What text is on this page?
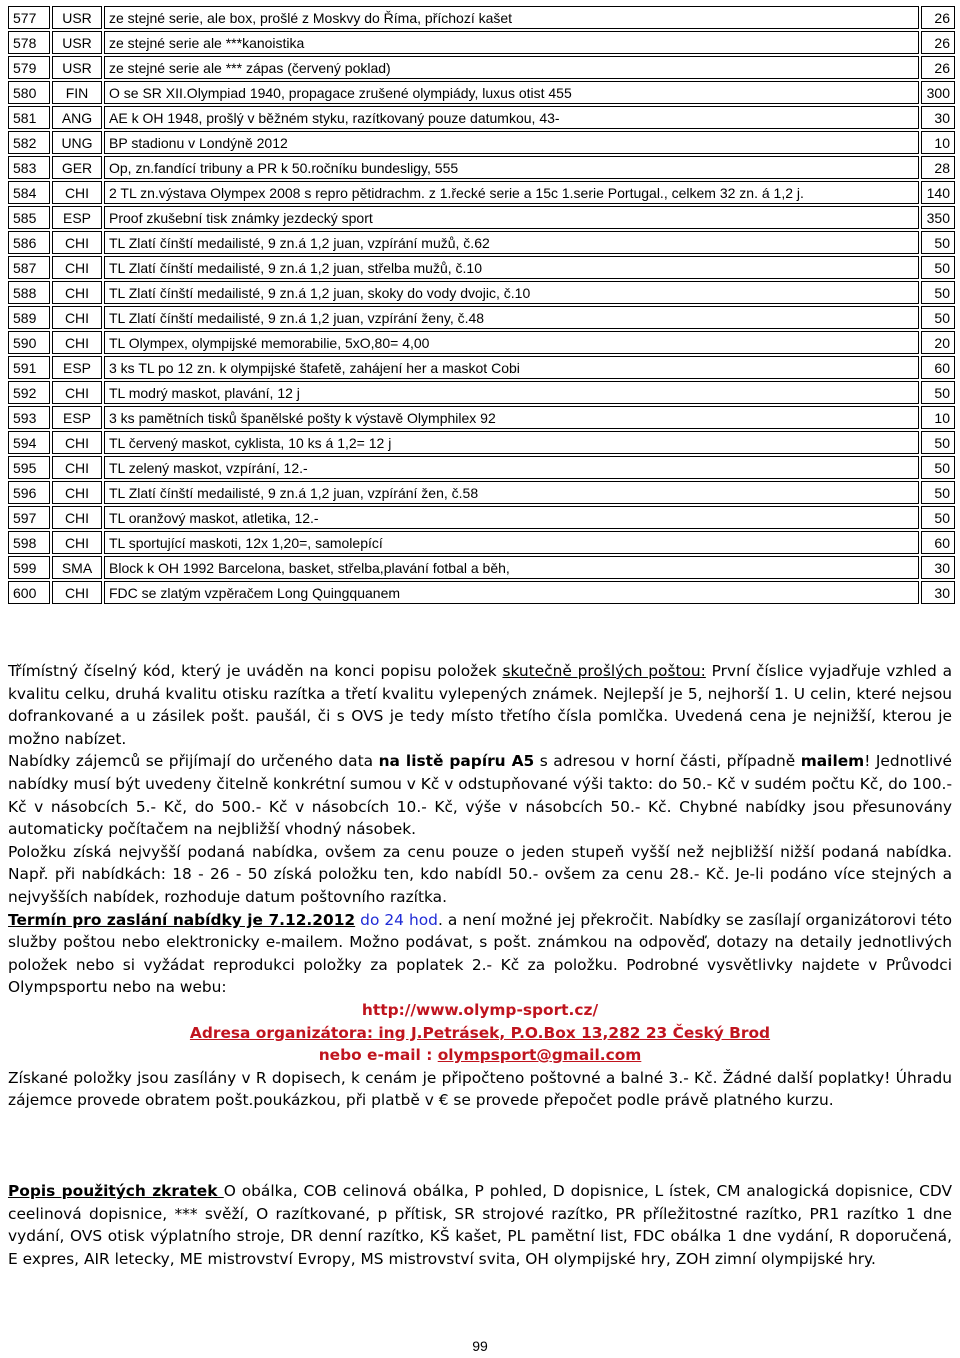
577	USR	ze stejné serie, ale box, prošlé z Moskvy do Říma, příchozí kašet	26
578	USR	ze stejné serie ale ***kanoistika	26
579	USR	ze stejné serie ale *** zápas (červený poklad)	26
580	FIN	O se SR XII.Olympiad 1940, propagace zrušené olympiády, luxus otist 455	300
581	ANG	AE k OH 1948, prošlý v běžném styku, razítkovaný pouze datumkou, 43-	30
582	UNG	BP stadionu v Londýně 2012	10
583	GER	Op, zn.fandící tribuny a PR k 50.ročníku bundesligy, 555	28
584	CHI	2 TL zn.výstava Olympex 2008 s repro pětidrachm. z 1.řecké serie a 15c 1.serie Portugal., celkem 32 zn. á 1,2 j.	140
585	ESP	Proof zkušební tisk známky jezdecký sport	350
586	CHI	TL Zlatí čínští medailisté, 9 zn.á 1,2 juan, vzpírání mužů, č.62	50
587	CHI	TL Zlatí čínští medailisté, 9 zn.á 1,2 juan, střelba mužů, č.10	50
588	CHI	TL Zlatí čínští medailisté, 9 zn.á 1,2 juan, skoky do vody dvojic, č.10	50
589	CHI	TL Zlatí čínští medailisté, 9 zn.á 1,2 juan, vzpírání ženy, č.48	50
590	CHI	TL Olympex, olympijské memorabilie, 5xO,80= 4,00	20
591	ESP	3 ks TL po 12 zn. k olympijské štafetě, zahájení her a maskot Cobi	60
592	CHI	TL modrý maskot, plavání, 12 j	50
593	ESP	3 ks pamětních tisků španělské pošty k výstavě Olymphilex 92	10
594	CHI	TL červený maskot, cyklista, 10 ks á 1,2= 12 j	50
595	CHI	TL zelený maskot, vzpírání, 12.-	50
596	CHI	TL Zlatí čínští medailisté, 9 zn.á 1,2 juan, vzpírání žen, č.58	50
597	CHI	TL oranžový maskot, atletika, 12.-	50
598	CHI	TL sportující maskoti, 12x 1,20=, samolepící	60
599	SMA	Block k OH 1992 Barcelona, basket, střelba,plavání fotbal a běh,	30
600	CHI	FDC se zlatým vzpěračem Long Quingquanem	30

Třímístný číselný kód, který je uváděn na konci popisu položek skutečně prošlých poštou: První číslice vyjadřuje vzhled a kvalitu celku, druhá kvalitu otisku razítka a třetí kvalitu vylepených známek. Nejlepší je 5, nejhorší 1. U celin, které nejsou dofrankované a u zásilek pošt. paušál, či s OVS je tedy místo třetího čísla pomlčka. Uvedená cena je nejnižší, kterou je možno nabízet.

Nabídky zájemců se přijímají do určeného data na listě papíru A5 s adresou v horní části, případně mailem! Jednotlivé nabídky musí být uvedeny čitelně konkrétní sumou v Kč v odstupňované výši takto: do 50.- Kč v sudém počtu Kč, do 100.- Kč v násobcích 5.- Kč, do 500.- Kč v násobcích 10.- Kč, výše v násobcích 50.- Kč. Chybné nabídky jsou přesunovány automaticky počítačem na nejbližší vhodný násobek.

Položku získá nejvyšší podaná nabídka, ovšem za cenu pouze o jeden stupeň vyšší než nejbližší nižší podaná nabídka. Např. při nabídkách: 18 - 26 - 50 získá položku ten, kdo nabídl 50.- ovšem za cenu 28.- Kč. Je-li podáno více stejných a nejvyšších nabídek, rozhoduje datum poštovního razítka.

Termín pro zaslání nabídky je 7.12.2012 do 24 hod. a není možné jej překročit. Nabídky se zasílají organizátorovi této služby poštou nebo elektronicky e-mailem. Možno podávat, s pošt. známkou na odpověď, dotazy na detaily jednotlivých položek nebo si vyžádat reprodukci položky za poplatek 2.- Kč za položku. Podrobné vysvětlivky najdete v Průvodci Olympsportu nebo na webu:

http://www.olymp-sport.cz/

Adresa organizátora: ing J.Petrásek, P.O.Box 13,282 23 Český Brod

nebo e-mail : olympsport@gmail.com

Získané položky jsou zasílány v R dopisech, k cenám je připočteno poštovné a balné 3.- Kč. Žádné další poplatky! Úhradu zájemce provede obratem pošt.poukázkou, při platbě v € se provede přepočet podle právě platného kurzu.

Popis použitých zkratek O obálka, COB celinová obálka, P pohled, D dopisnice, L ístek, CM analogická dopisnice, CDV ceelinová dopisnice, *** svěží, O razítkované, p přítisk, SR strojové razítko, PR příležitostné razítko, PR1 razítko 1 dne vydání, OVS otisk výplatního stroje, DR denní razítko, KŠ kašet, PL pamětní list, FDC obálka 1 dne vydání, R doporučená, E expres, AIR letecky, ME mistrovství Evropy, MS mistrovství svita, OH olympijské hry, ZOH zimní olympijské hry.

99
